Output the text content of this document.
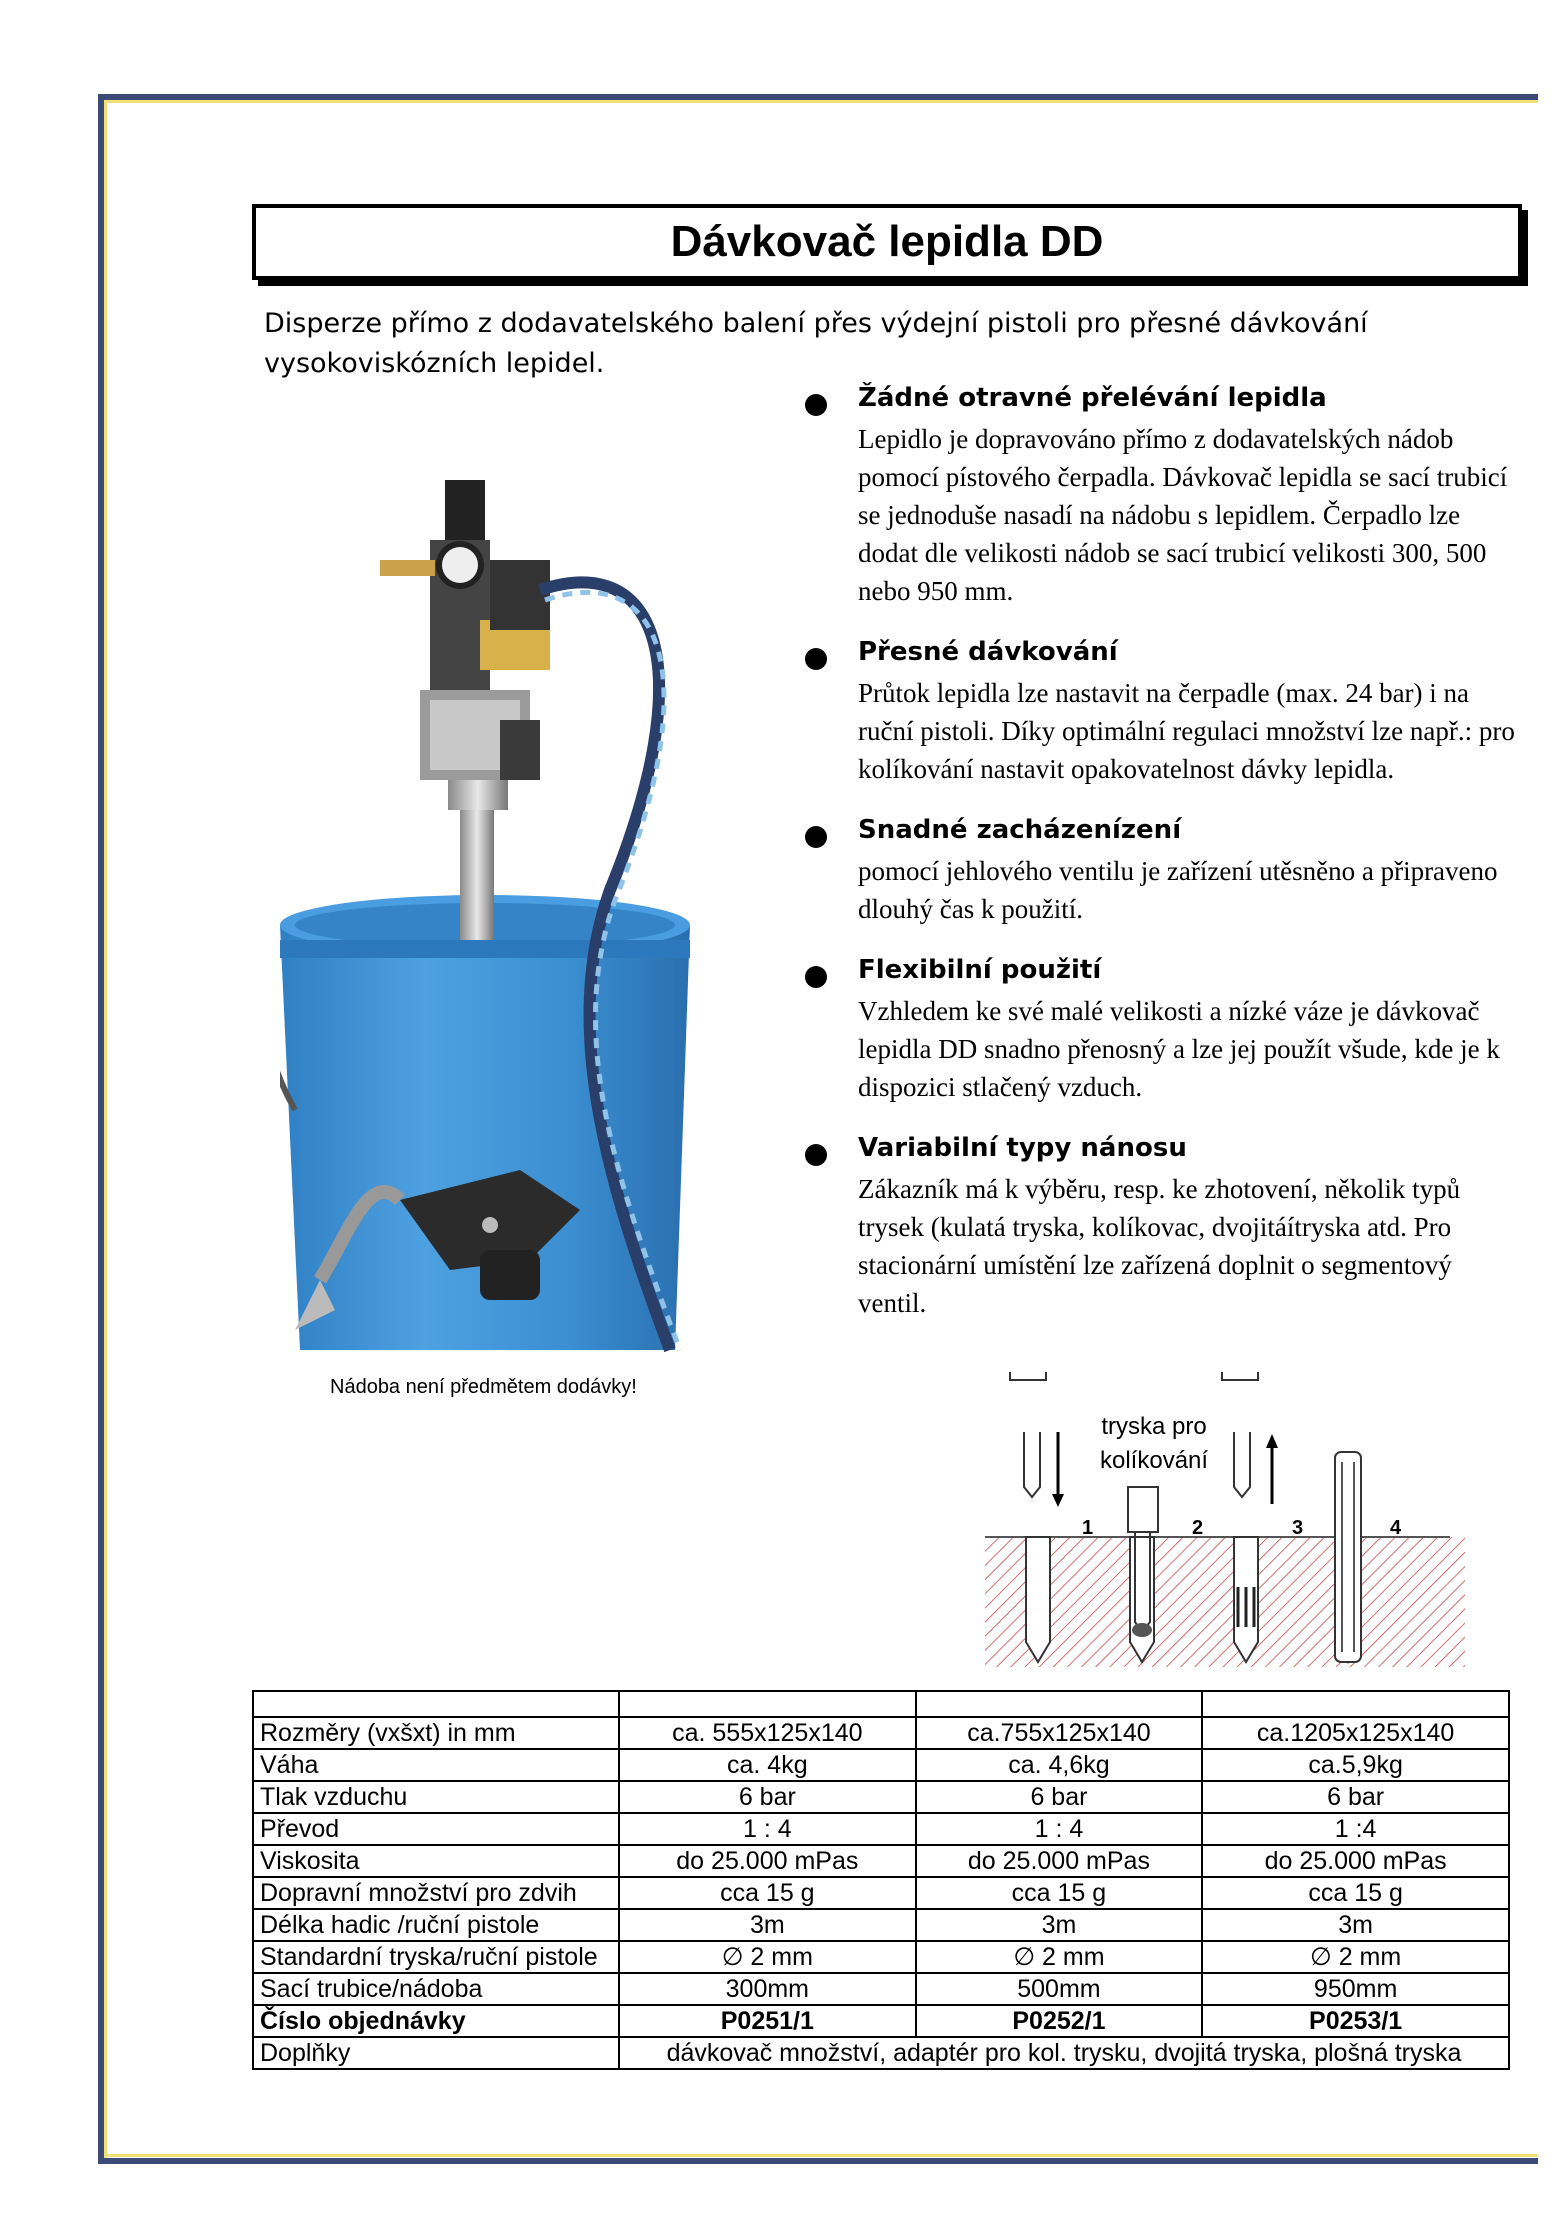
Dávkovač lepidla DD
Disperze přímo z dodavatelského balení přes výdejní pistoli pro přesné dávkování vysokoviskózních lepidel.
Nádoba není předmětem dodávky!
Žádné otravné přelévání lepidla

Lepidlo je dopravováno přímo z dodavatelských nádob pomocí pístového čerpadla. Dávkovač lepidla se sací trubicí se jednoduše nasadí na nádobu s lepidlem. Čerpadlo lze dodat dle velikosti nádob se sací trubicí velikosti 300, 500 nebo 950 mm.

Přesné dávkování

Průtok lepidla lze nastavit na čerpadle (max. 24 bar) i na ruční pistoli. Díky optimální regulaci množství lze např.: pro kolíkování nastavit opakovatelnost dávky lepidla.

Snadné zacházenízení

pomocí jehlového ventilu je zařízení utěsněno a připraveno dlouhý čas k použití.

Flexibilní použití

Vzhledem ke své malé velikosti a nízké váze je dávkovač lepidla DD snadno přenosný a lze jej použít všude, kde je k dispozici stlačený vzduch.

Variabilní typy nánosu

Zákazník má k výběru, resp. ke zhotovení, několik typů trysek (kulatá tryska, kolíkovac, dvojitáítryska atd. Pro stacionární umístění lze zařízená doplnit o segmentový ventil.

1	2	3	4
tryska pro
kolíkování

Rozměry (vxšxt) in mm	ca. 555x125x140	ca.755x125x140	ca.1205x125x140
Váha	ca. 4kg	ca. 4,6kg	ca.5,9kg
Tlak vzduchu	6 bar	6 bar	6 bar
Převod	1 : 4	1 : 4	1 :4
Viskosita	do 25.000 mPas	do 25.000 mPas	do 25.000 mPas
Dopravní množství pro zdvih	cca 15 g	cca 15 g	cca 15 g
Délka hadic /ruční pistole	3m	3m	3m
Standardní tryska/ruční pistole	∅ 2 mm	∅ 2 mm	∅ 2 mm
Sací trubice/nádoba	300mm	500mm	950mm
Číslo objednávky	P0251/1	P0252/1	P0253/1
Doplňky	dávkovač množství, adaptér pro kol. trysku, dvojitá tryska, plošná tryska		
